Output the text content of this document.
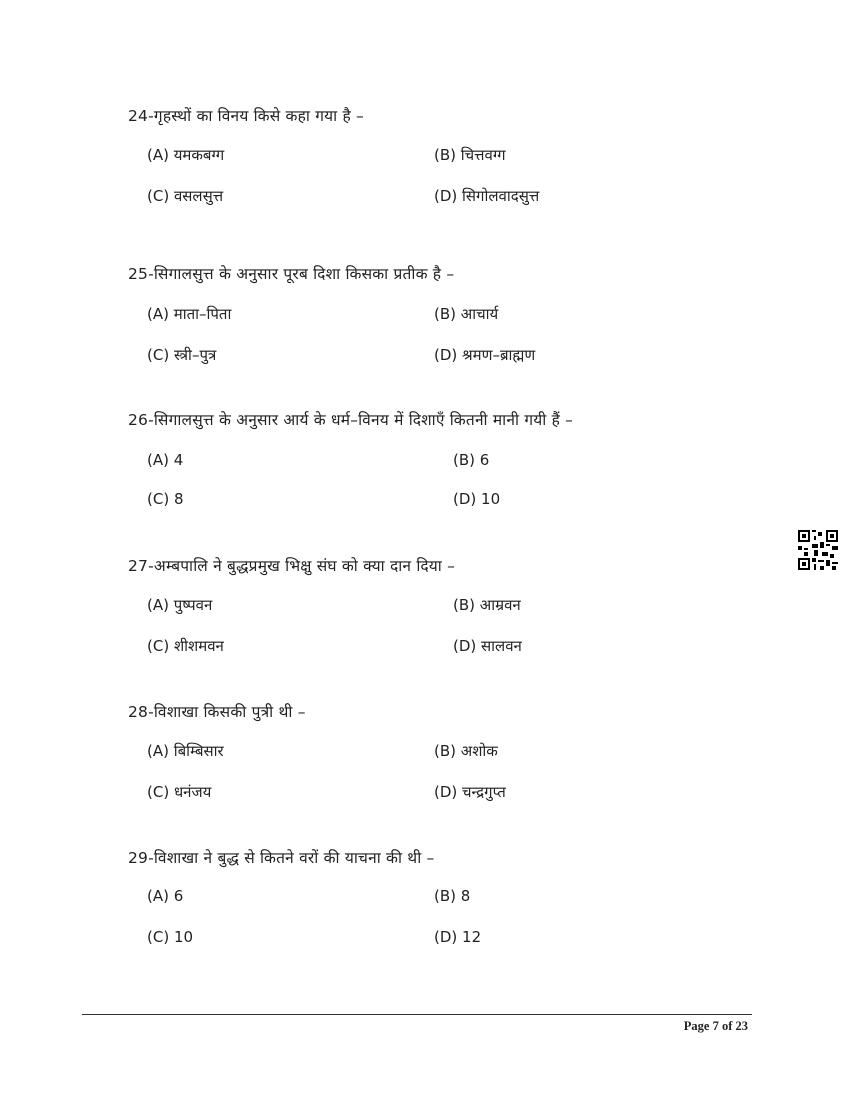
24-गृहस्थों का विनय किसे कहा गया है –
(A) यमकबग्ग	(B) चित्तवग्ग
(C) वसलसुत्त	(D) सिगोलवादसुत्त
25-सिगालसुत्त के अनुसार पूरब दिशा किसका प्रतीक है –
(A) माता–पिता	(B) आचार्य
(C) स्त्री–पुत्र	(D) श्रमण–ब्राह्मण
26-सिगालसुत्त के अनुसार आर्य के धर्म–विनय में दिशाएँ कितनी मानी गयी हैं –
(A) 4	(B) 6
(C) 8	(D) 10
27-अम्बपालि ने बुद्धप्रमुख भिक्षु संघ को क्या दान दिया –
(A) पुष्पवन	(B) आम्रवन
(C) शीशमवन	(D) सालवन
28-विशाखा किसकी पुत्री थी –
(A) बिम्बिसार	(B) अशोक
(C) धनंजय	(D) चन्द्रगुप्त
29-विशाखा ने बुद्ध से कितने वरों की याचना की थी –
(A) 6	(B) 8
(C) 10	(D) 12
Page 7 of 23
